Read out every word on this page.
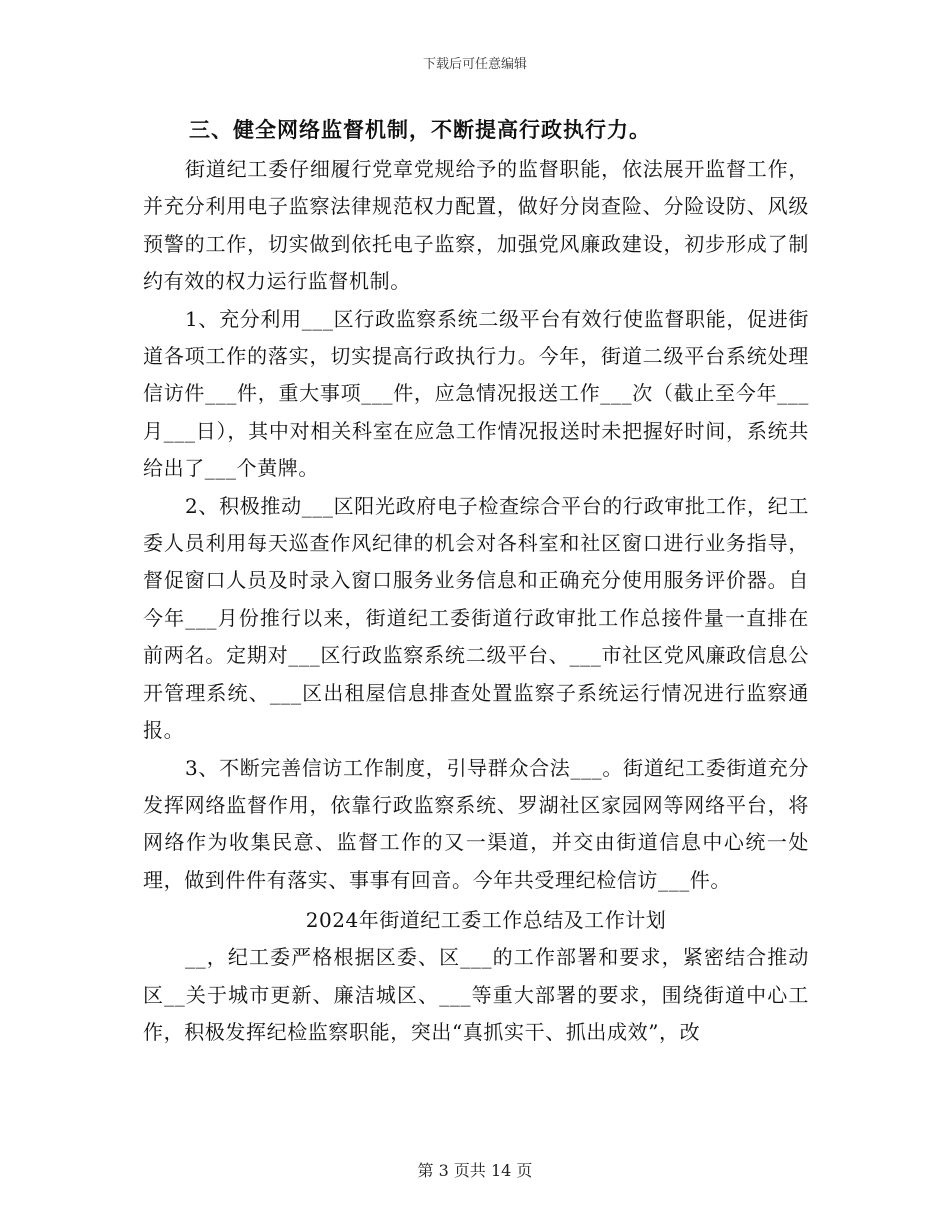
下载后可任意编辑

三、健全网络监督机制，不断提高行政执行力。

街道纪工委仔细履行党章党规给予的监督职能，依法展开监督工作，并充分利用电子监察法律规范权力配置，做好分岗查险、分险设防、风级预警的工作，切实做到依托电子监察，加强党风廉政建设，初步形成了制约有效的权力运行监督机制。

1、充分利用___区行政监察系统二级平台有效行使监督职能，促进街道各项工作的落实，切实提高行政执行力。今年，街道二级平台系统处理信访件___件，重大事项___件，应急情况报送工作___次（截止至今年___月___日），其中对相关科室在应急工作情况报送时未把握好时间，系统共给出了___个黄牌。

2、积极推动___区阳光政府电子检查综合平台的行政审批工作，纪工委人员利用每天巡查作风纪律的机会对各科室和社区窗口进行业务指导，督促窗口人员及时录入窗口服务业务信息和正确充分使用服务评价器。自今年___月份推行以来，街道纪工委街道行政审批工作总接件量一直排在前两名。定期对___区行政监察系统二级平台、___市社区党风廉政信息公开管理系统、___区出租屋信息排查处置监察子系统运行情况进行监察通报。

3、不断完善信访工作制度，引导群众合法___。街道纪工委街道充分发挥网络监督作用，依靠行政监察系统、罗湖社区家园网等网络平台，将网络作为收集民意、监督工作的又一渠道，并交由街道信息中心统一处理，做到件件有落实、事事有回音。今年共受理纪检信访___件。

2024年街道纪工委工作总结及工作计划

__，纪工委严格根据区委、区___的工作部署和要求，紧密结合推动区__关于城市更新、廉洁城区、___等重大部署的要求，围绕街道中心工作，积极发挥纪检监察职能，突出“真抓实干、抓出成效”，改

第 3 页共 14 页
